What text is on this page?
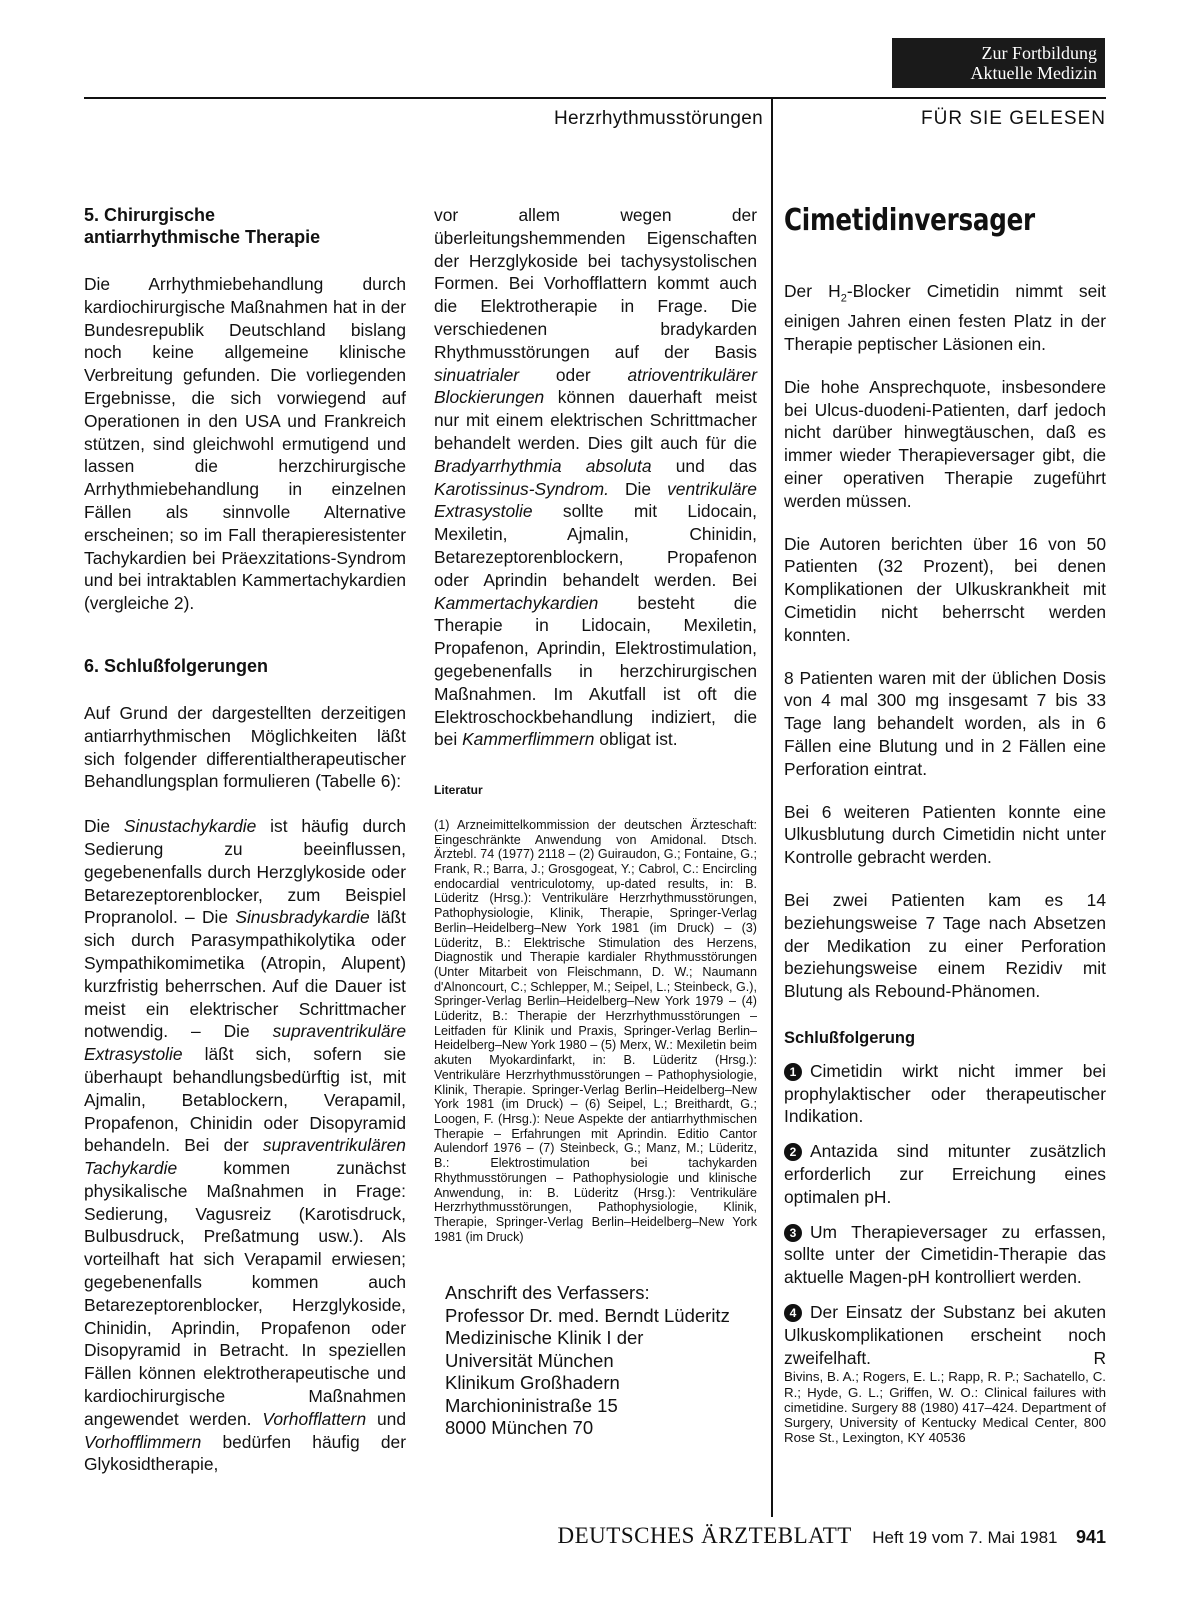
Zur Fortbildung
Aktuelle Medizin
Herzrhythmusstörungen	FÜR SIE GELESEN
5. Chirurgische
antiarrhythmische Therapie

Die Arrhythmiebehandlung durch kardiochirurgische Maßnahmen hat in der Bundesrepublik Deutschland bislang noch keine allgemeine klinische Verbreitung gefunden. Die vorliegenden Ergebnisse, die sich vorwiegend auf Operationen in den USA und Frankreich stützen, sind gleichwohl ermutigend und lassen die herzchirurgische Arrhythmiebehandlung in einzelnen Fällen als sinnvolle Alternative erscheinen; so im Fall therapieresistenter Tachykardien bei Präexzitations-Syndrom und bei intraktablen Kammertachykardien (vergleiche 2).

6. Schlußfolgerungen

Auf Grund der dargestellten derzeitigen antiarrhythmischen Möglichkeiten läßt sich folgender differentialtherapeutischer Behandlungsplan formulieren (Tabelle 6):

Die Sinustachykardie ist häufig durch Sedierung zu beeinflussen, gegebenenfalls durch Herzglykoside oder Betarezeptorenblocker, zum Beispiel Propranolol. – Die Sinusbradykardie läßt sich durch Parasympathikolytika oder Sympathikomimetika (Atropin, Alupent) kurzfristig beherrschen. Auf die Dauer ist meist ein elektrischer Schrittmacher notwendig. – Die supraventrikuläre Extrasystolie läßt sich, sofern sie überhaupt behandlungsbedürftig ist, mit Ajmalin, Betablockern, Verapamil, Propafenon, Chinidin oder Disopyramid behandeln. Bei der supraventrikulären Tachykardie	kommen zunächst physikalische Maßnahmen in Frage: Sedierung, Vagusreiz (Karotisdruck, Bulbusdruck, Preßatmung usw.). Als vorteilhaft hat sich Verapamil erwiesen; gegebenenfalls kommen auch Betarezeptorenblocker, Herzglykoside, Chinidin, Aprindin, Propafenon oder Disopyramid in Betracht. In speziellen Fällen können elektrotherapeutische und kardiochirurgische Maßnahmen angewendet werden. Vorhofflattern und Vorhofflimmern bedürfen häufig der Glykosidtherapie,

vor allem wegen der überleitungshemmenden Eigenschaften der Herzglykoside bei tachysystolischen Formen. Bei Vorhofflattern kommt auch die Elektrotherapie in Frage. Die verschiedenen bradykarden Rhythmusstörungen auf der Basis sinuatrialer oder atrioventrikulärer Blockierungen können dauerhaft meist nur mit einem elektrischen Schrittmacher behandelt werden. Dies gilt auch für die Bradyarrhythmia absoluta und das Karotissinus-Syndrom. Die ventrikuläre Extrasystolie sollte mit Lidocain, Mexiletin, Ajmalin, Chinidin, Betarezeptorenblockern, Propafenon oder Aprindin behandelt werden. Bei Kammertachykardien besteht die Therapie in Lidocain, Mexiletin, Propafenon, Aprindin, Elektrostimulation, gegebenenfalls in herzchirurgischen Maßnahmen. Im Akutfall ist oft die Elektroschockbehandlung indiziert, die bei Kammerflimmern obligat ist.

Literatur

(1) Arzneimittelkommission der deutschen Ärzteschaft: Eingeschränkte Anwendung von Amidonal. Dtsch. Ärztebl. 74 (1977) 2118 – (2) Guiraudon, G.; Fontaine, G.; Frank, R.; Barra, J.; Grosgogeat, Y.; Cabrol, C.: Encircling endocardial ventriculotomy, up-dated results, in: B. Lüderitz (Hrsg.): Ventrikuläre Herzrhythmusstörungen, Pathophysiologie, Klinik, Therapie, Springer-Verlag Berlin–Heidelberg–New York 1981 (im Druck) – (3) Lüderitz, B.: Elektrische Stimulation des Herzens, Diagnostik und Therapie kardialer Rhythmusstörungen (Unter Mitarbeit von Fleischmann, D. W.; Naumann d'Alnoncourt, C.; Schlepper, M.; Seipel, L.; Steinbeck, G.), Springer-Verlag Berlin–Heidelberg–New York 1979 – (4) Lüderitz, B.: Therapie der Herzrhythmusstörungen – Leitfaden für Klinik und Praxis, Springer-Verlag Berlin–Heidelberg–New York 1980 – (5) Merx, W.: Mexiletin beim akuten Myokardinfarkt, in: B. Lüderitz (Hrsg.): Ventrikuläre Herzrhythmusstörungen – Pathophysiologie, Klinik, Therapie. Springer-Verlag Berlin–Heidelberg–New York 1981 (im Druck) – (6) Seipel, L.; Breithardt, G.; Loogen, F. (Hrsg.): Neue Aspekte der antiarrhythmischen Therapie – Erfahrungen mit Aprindin. Editio Cantor Aulendorf 1976 – (7) Steinbeck, G.; Manz, M.; Lüderitz, B.: Elektrostimulation bei tachykarden Rhythmusstörungen – Pathophysiologie und klinische Anwendung, in: B. Lüderitz (Hrsg.): Ventrikuläre Herzrhythmusstörungen, Pathophysiologie, Klinik, Therapie, Springer-Verlag Berlin–Heidelberg–New York 1981 (im Druck)

Anschrift des Verfassers:
Professor Dr. med. Berndt Lüderitz
Medizinische Klinik I der
Universität München
Klinikum Großhadern
Marchioninistraße 15
8000 München 70
Cimetidinversager

Der $H_2$-Blocker Cimetidin nimmt seit einigen Jahren einen festen Platz in der Therapie peptischer Läsionen ein.

Die hohe Ansprechquote, insbesondere bei Ulcus-duodeni-Patienten, darf jedoch nicht darüber hinwegtäuschen, daß es immer wieder Therapieversager gibt, die einer operativen Therapie zugeführt werden müssen.

Die Autoren berichten über 16 von 50 Patienten (32 Prozent), bei denen Komplikationen der Ulkuskrankheit mit Cimetidin nicht beherrscht werden konnten.

8 Patienten waren mit der üblichen Dosis von 4 mal 300 mg insgesamt 7 bis 33 Tage lang behandelt worden, als in 6 Fällen eine Blutung und in 2 Fällen eine Perforation eintrat.

Bei 6 weiteren Patienten konnte eine Ulkusblutung durch Cimetidin nicht unter Kontrolle gebracht werden.

Bei zwei Patienten kam es 14 beziehungsweise 7 Tage nach Absetzen der Medikation zu einer Perforation beziehungsweise einem Rezidiv mit Blutung als Rebound-Phänomen.

Schlußfolgerung

1 Cimetidin wirkt nicht immer bei prophylaktischer oder therapeutischer Indikation.

2 Antazida sind mitunter zusätzlich erforderlich zur Erreichung eines optimalen pH.

3 Um Therapieversager zu erfassen, sollte unter der Cimetidin-Therapie das aktuelle Magen-pH kontrolliert werden.

4 Der Einsatz der Substanz bei akuten Ulkuskomplikationen erscheint noch zweifelhaft.	R

Bivins, B. A.; Rogers, E. L.; Rapp, R. P.; Sachatello, C. R.; Hyde, G. L.; Griffen, W. O.: Clinical failures with cimetidine. Surgery 88 (1980) 417–424. Department of Surgery, University of Kentucky Medical Center, 800 Rose St., Lexington, KY 40536

DEUTSCHES ÄRZTEBLATT Heft 19 vom 7. Mai 1981 941
